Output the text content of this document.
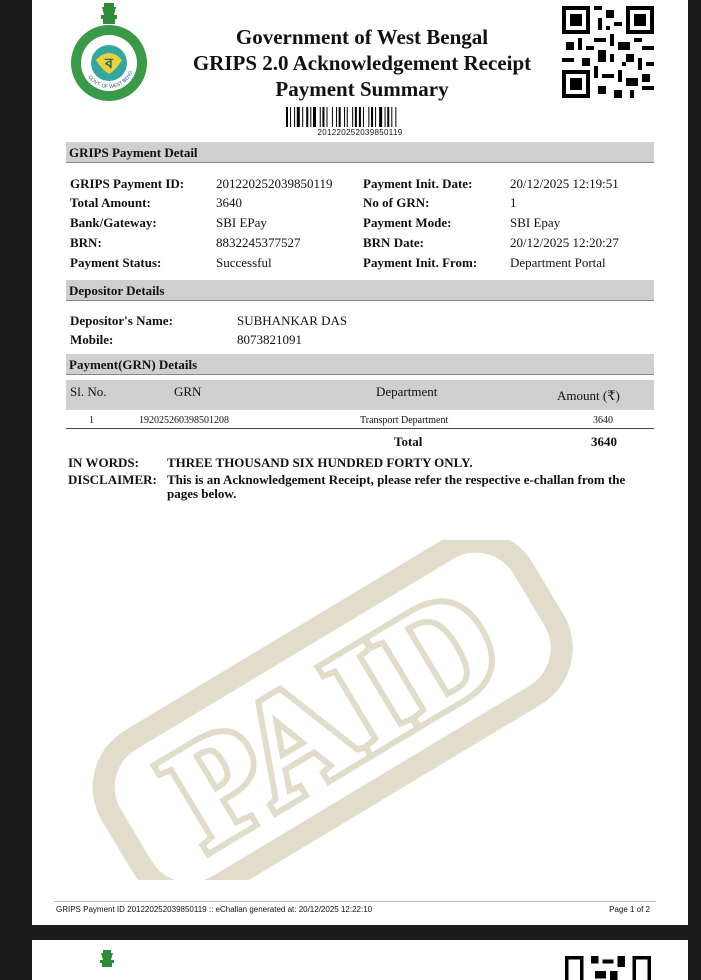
ব
GOVT. OF WEST BENG
Government of West Bengal
GRIPS 2.0 Acknowledgement Receipt
Payment Summary
201220252039850119
GRIPS Payment Detail
GRIPS Payment ID: 201220252039850119 Payment Init. Date:	20/12/2025 12:19:51
Total Amount:	3640	No of GRN:	1
Bank/Gateway:	SBI EPay	Payment Mode:	SBI Epay
BRN:	8832245377527	BRN Date:	20/12/2025 12:20:27
Payment Status:	Successful	Payment Init. From:	Department Portal
Depositor Details
Depositor's Name:	SUBHANKAR DAS
Mobile:	8073821091
Payment(GRN) Details
Sl. No.	GRN	Department	Amount (₹)
1	192025260398501208	Transport Department	3640
Total	3640
IN WORDS: THREE THOUSAND SIX HUNDRED FORTY ONLY.
DISCLAIMER: This is an Acknowledgement Receipt, please refer the respective e-challan from the
pages below.
PAID
GRIPS Payment ID 201220252039850119 :: eChallan generated at: 20/12/2025 12:22:10	Page 1 of 2
